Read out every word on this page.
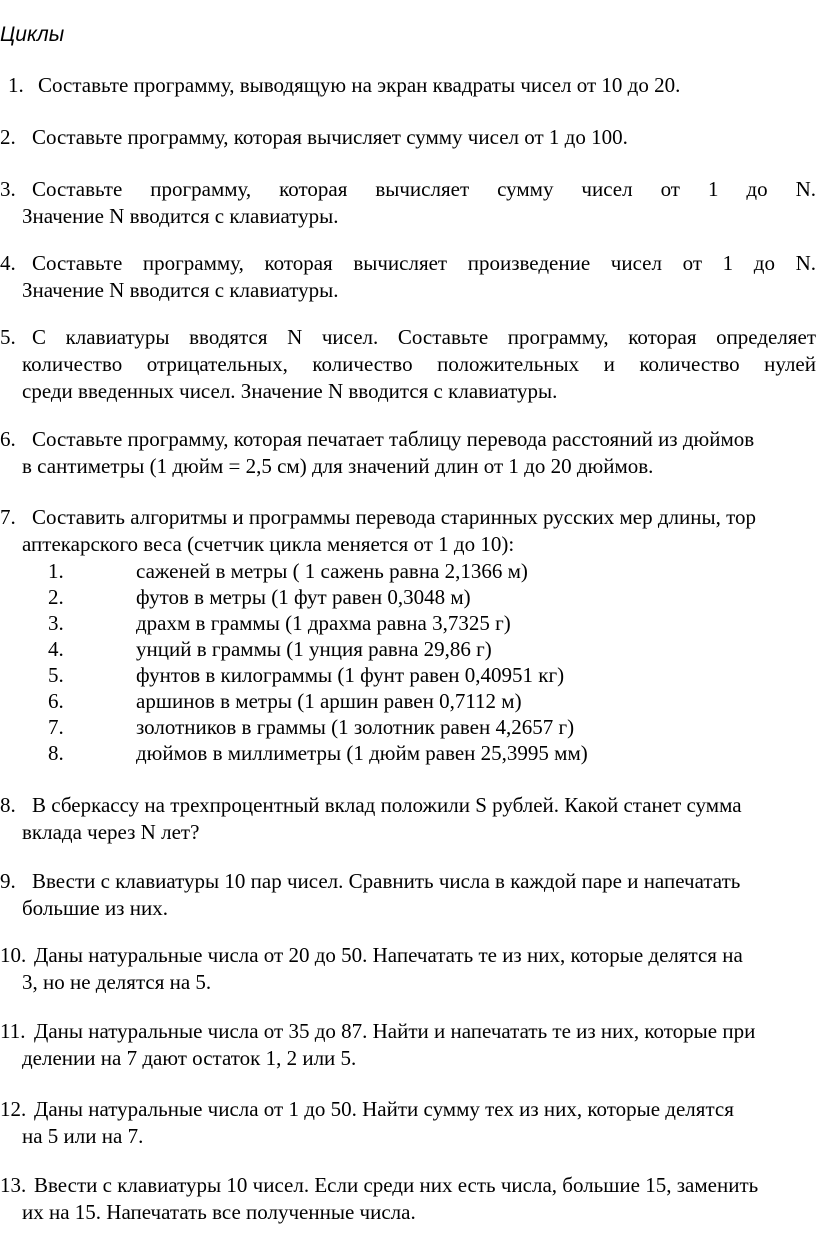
Циклы
1. Составьте программу, выводящую на экран квадраты чисел от 10 до 20.
2. Составьте программу, которая вычисляет сумму чисел от 1 до 100.
3. Составьте программу, которая вычисляет сумму чисел от 1 до N.
Значение N вводится с клавиатуры.
4. Составьте программу, которая вычисляет произведение чисел от 1 до N.
Значение N вводится с клавиатуры.
5. С клавиатуры вводятся N чисел. Составьте программу, которая определяет
количество отрицательных, количество положительных и количество нулей
среди введенных чисел. Значение N вводится с клавиатуры.
6. Составьте программу, которая печатает таблицу перевода расстояний из дюймов
в сантиметры (1 дюйм = 2,5 см) для значений длин от 1 до 20 дюймов.
7. Составить алгоритмы и программы перевода старинных русских мер длины, тор
аптекарского веса (счетчик цикла меняется от 1 до 10):
1.	саженей в метры ( 1 сажень равна 2,1366 м)
2.	футов в метры (1 фут равен 0,3048 м)
3.	драхм в граммы (1 драхма равна 3,7325 г)
4.	унций в граммы (1 унция равна 29,86 г)
5.	фунтов в килограммы (1 фунт равен 0,40951 кг)
6.	аршинов в метры (1 аршин равен 0,7112 м)
7.	золотников в граммы (1 золотник равен 4,2657 г)
8.	дюймов в миллиметры (1 дюйм равен 25,3995 мм)
8. В сберкассу на трехпроцентный вклад положили S рублей. Какой станет сумма
вклада через N лет?
9. Ввести с клавиатуры 10 пар чисел. Сравнить числа в каждой паре и напечатать
большие из них.
10. Даны натуральные числа от 20 до 50. Напечатать те из них, которые делятся на
3, но не делятся на 5.
11. Даны натуральные числа от 35 до 87. Найти и напечатать те из них, которые при
делении на 7 дают остаток 1, 2 или 5.
12. Даны натуральные числа от 1 до 50. Найти сумму тех из них, которые делятся
на 5 или на 7.
13. Ввести с клавиатуры 10 чисел. Если среди них есть числа, большие 15, заменить
их на 15. Напечатать все полученные числа.
